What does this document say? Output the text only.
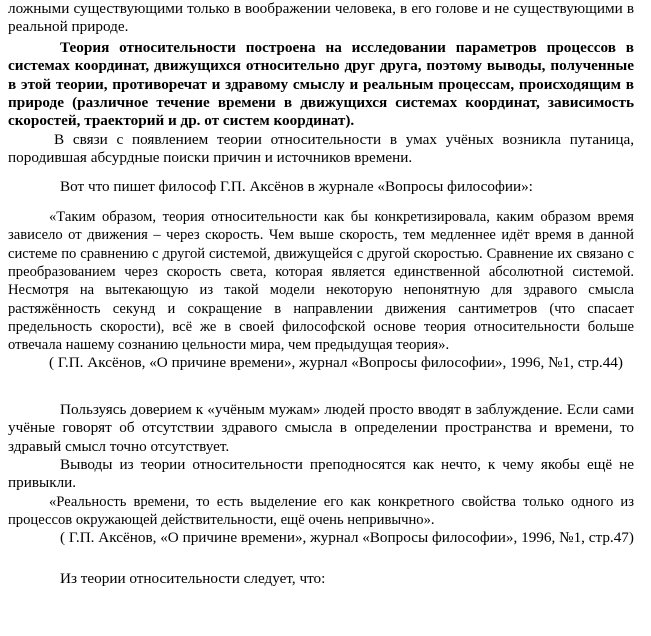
ложными существующими только в воображении человека, в его голове и не существующими в реальной природе.

Теория относительности построена на исследовании параметров процессов в системах координат, движущихся относительно друг друга, поэтому выводы, полученные в этой теории, противоречат и здравому смыслу и реальным процессам, происходящим в природе (различное течение времени в движущихся системах координат, зависимость скоростей, траекторий и др. от систем координат).

В связи с появлением теории относительности в умах учёных возникла путаница, породившая абсурдные поиски причин и источников времени.

Вот что пишет философ Г.П. Аксёнов в журнале «Вопросы философии»:

«Таким образом, теория относительности как бы конкретизировала, каким образом время зависело от движения – через скорость. Чем выше скорость, тем медленнее идёт время в данной системе по сравнению с другой системой, движущейся с другой скоростью. Сравнение их связано с преобразованием через скорость света, которая является единственной абсолютной системой. Несмотря на вытекающую из такой модели некоторую непонятную для здравого смысла растяжённость секунд и сокращение в направлении движения сантиметров (что спасает предельность скорости), всё же в своей философской основе теория относительности больше отвечала нашему сознанию цельности мира, чем предыдущая теория».

( Г.П. Аксёнов, «О причине времени», журнал «Вопросы философии», 1996, №1, стр.44)

Пользуясь доверием к «учёным мужам» людей просто вводят в заблуждение. Если сами учёные говорят об отсутствии здравого смысла в определении пространства и времени, то здравый смысл точно отсутствует.

Выводы из теории относительности преподносятся как нечто, к чему якобы ещё не привыкли.

«Реальность времени, то есть выделение его как конкретного свойства только одного из процессов окружающей действительности, ещё очень непривычно».

( Г.П. Аксёнов, «О причине времени», журнал «Вопросы философии», 1996, №1, стр.47)

Из теории относительности следует, что:
